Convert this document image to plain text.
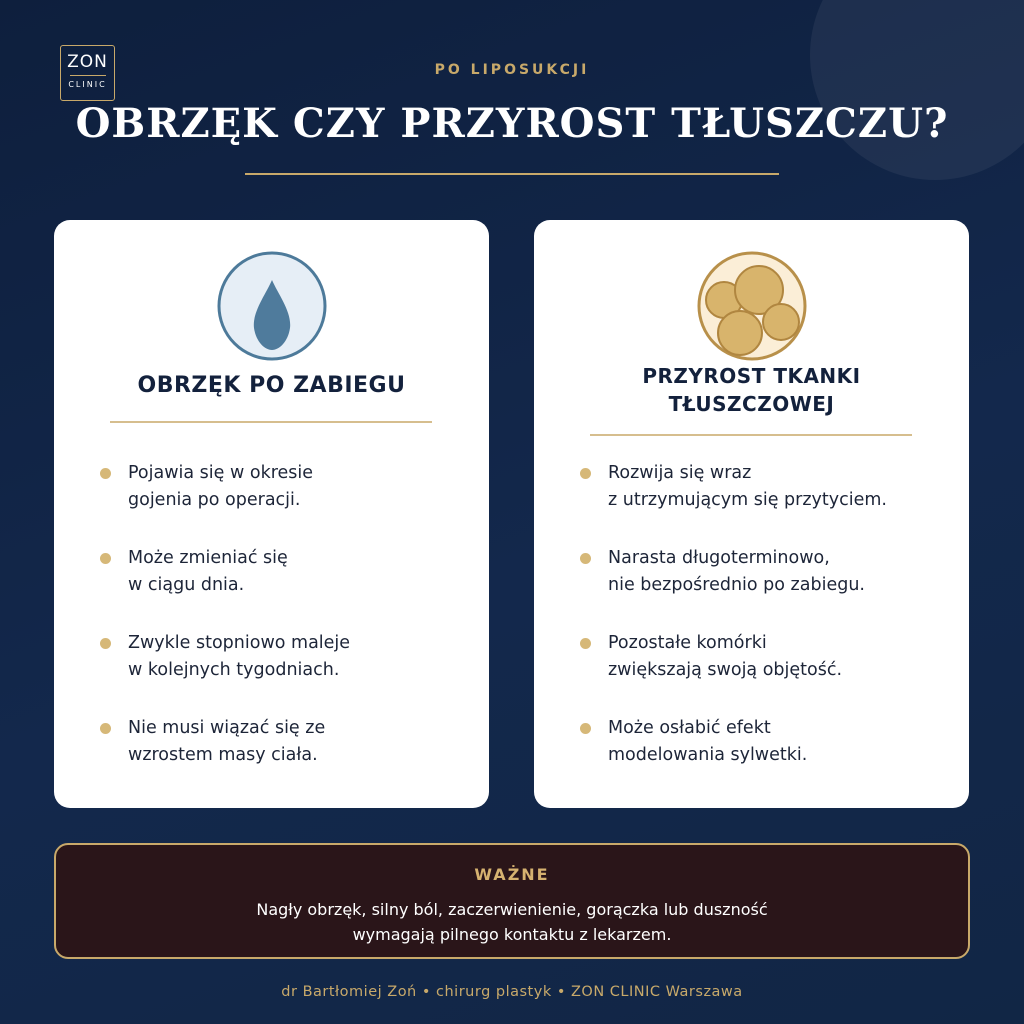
ZON
CLINIC
PO LIPOSUKCJI
OBRZĘK CZY PRZYROST TŁUSZCZU?
OBRZĘK PO ZABIEGU
Pojawia się w okresie
gojenia po operacji.
Może zmieniać się
w ciągu dnia.
Zwykle stopniowo maleje
w kolejnych tygodniach.
Nie musi wiązać się ze
wzrostem masy ciała.
PRZYROST TKANKI
TŁUSZCZOWEJ
Rozwija się wraz
z utrzymującym się przytyciem.
Narasta długoterminowo,
nie bezpośrednio po zabiegu.
Pozostałe komórki
zwiększają swoją objętość.
Może osłabić efekt
modelowania sylwetki.
WAŻNE
Nagły obrzęk, silny ból, zaczerwienienie, gorączka lub duszność
wymagają pilnego kontaktu z lekarzem.
dr Bartłomiej Zoń • chirurg plastyk • ZON CLINIC Warszawa
